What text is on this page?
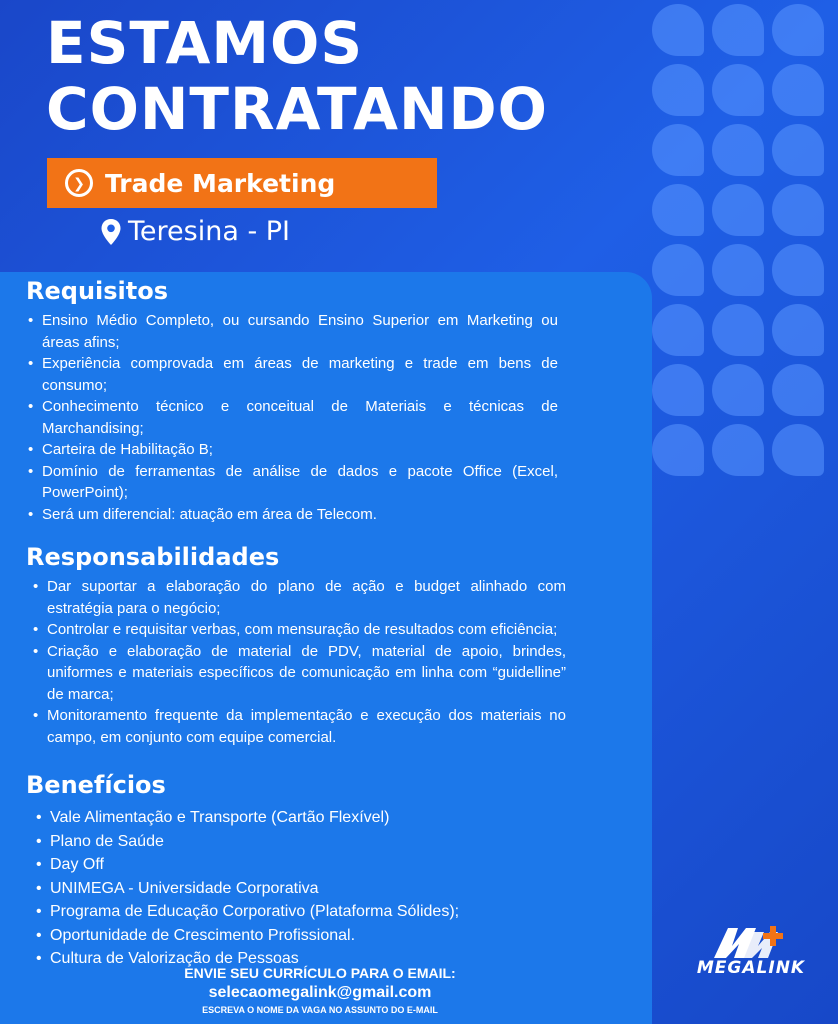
ESTAMOS
CONTRATANDO
❯ Trade Marketing
Teresina - PI
Requisitos
• Ensino Médio Completo, ou cursando Ensino Superior em Marketing ou áreas afins;
• Experiência comprovada em áreas de marketing e trade em bens de consumo;
• Conhecimento técnico e conceitual de Materiais e técnicas de Marchandising;
• Carteira de Habilitação B;
• Domínio de ferramentas de análise de dados e pacote Office (Excel, PowerPoint);
• Será um diferencial: atuação em área de Telecom.
Responsabilidades
• Dar suportar a elaboração do plano de ação e budget alinhado com estratégia para o negócio;
• Controlar e requisitar verbas, com mensuração de resultados com eficiência;
• Criação e elaboração de material de PDV, material de apoio, brindes, uniformes e materiais específicos de comunicação em linha com “guidelline” de marca;
• Monitoramento frequente da implementação e execução dos materiais no campo, em conjunto com equipe comercial.
Benefícios
• Vale Alimentação e Transporte (Cartão Flexível)
• Plano de Saúde
• Day Off
• UNIMEGA - Universidade Corporativa
• Programa de Educação Corporativo (Plataforma Sólides);
• Oportunidade de Crescimento Profissional.
• Cultura de Valorização de Pessoas
ENVIE SEU CURRÍCULO PARA O EMAIL:
selecaomegalink@gmail.com
ESCREVA O NOME DA VAGA NO ASSUNTO DO E-MAIL
MEGALINK
